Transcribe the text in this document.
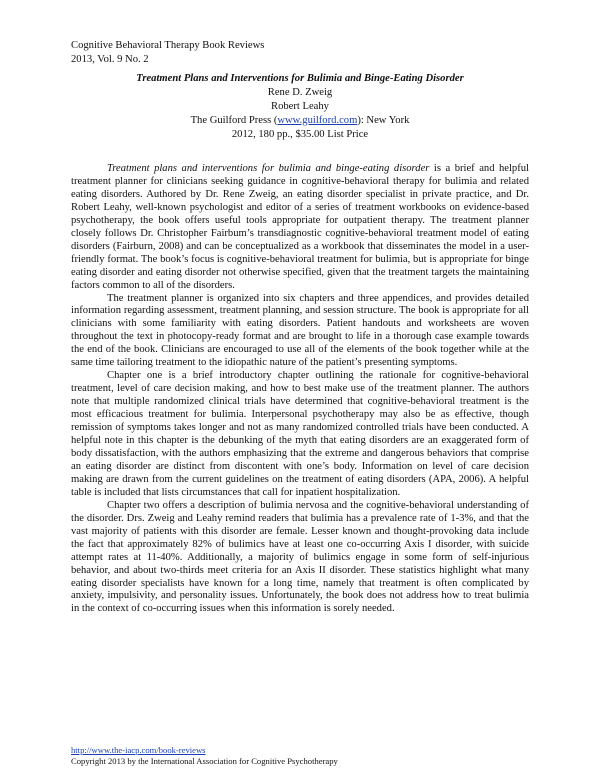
Cognitive Behavioral Therapy Book Reviews
2013, Vol. 9 No. 2
Treatment Plans and Interventions for Bulimia and Binge-Eating Disorder
Rene D. Zweig
Robert Leahy
The Guilford Press (www.guilford.com): New York
2012, 180 pp., $35.00 List Price

Treatment plans and interventions for bulimia and binge-eating disorder is a brief and helpful treatment planner for clinicians seeking guidance in cognitive-behavioral therapy for bulimia and related eating disorders. Authored by Dr. Rene Zweig, an eating disorder specialist in private practice, and Dr. Robert Leahy, well-known psychologist and editor of a series of treatment workbooks on evidence-based psychotherapy, the book offers useful tools appropriate for outpatient therapy. The treatment planner closely follows Dr. Christopher Fairbum’s transdiagnostic cognitive-behavioral treatment model of eating disorders (Fairburn, 2008) and can be conceptualized as a workbook that disseminates the model in a user-friendly format. The book’s focus is cognitive-behavioral treatment for bulimia, but is appropriate for binge eating disorder and eating disorder not otherwise specified, given that the treatment targets the maintaining factors common to all of the disorders.

The treatment planner is organized into six chapters and three appendices, and provides detailed information regarding assessment, treatment planning, and session structure. The book is appropriate for all clinicians with some familiarity with eating disorders. Patient handouts and worksheets are woven throughout the text in photocopy-ready format and are brought to life in a thorough case example towards the end of the book. Clinicians are encouraged to use all of the elements of the book together while at the same time tailoring treatment to the idiopathic nature of the patient’s presenting symptoms.

Chapter one is a brief introductory chapter outlining the rationale for cognitive-behavioral treatment, level of care decision making, and how to best make use of the treatment planner. The authors note that multiple randomized clinical trials have determined that cognitive-behavioral treatment is the most efficacious treatment for bulimia. Interpersonal psychotherapy may also be as effective, though remission of symptoms takes longer and not as many randomized controlled trials have been conducted. A helpful note in this chapter is the debunking of the myth that eating disorders are an exaggerated form of body dissatisfaction, with the authors emphasizing that the extreme and dangerous behaviors that comprise an eating disorder are distinct from discontent with one’s body. Information on level of care decision making are drawn from the current guidelines on the treatment of eating disorders (APA, 2006). A helpful table is included that lists circumstances that call for inpatient hospitalization.

Chapter two offers a description of bulimia nervosa and the cognitive-behavioral understanding of the disorder. Drs. Zweig and Leahy remind readers that bulimia has a prevalence rate of 1-3%, and that the vast majority of patients with this disorder are female. Lesser known and thought-provoking data include the fact that approximately 82% of bulimics have at least one co-occurring Axis I disorder, with suicide attempt rates at 11-40%. Additionally, a majority of bulimics engage in some form of self-injurious behavior, and about two-thirds meet criteria for an Axis II disorder. These statistics highlight what many eating disorder specialists have known for a long time, namely that treatment is often complicated by anxiety, impulsivity, and personality issues. Unfortunately, the book does not address how to treat bulimia in the context of co-occurring issues when this information is sorely needed.

http://www.the-iacp.com/book-reviews
Copyright 2013 by the International Association for Cognitive Psychotherapy
